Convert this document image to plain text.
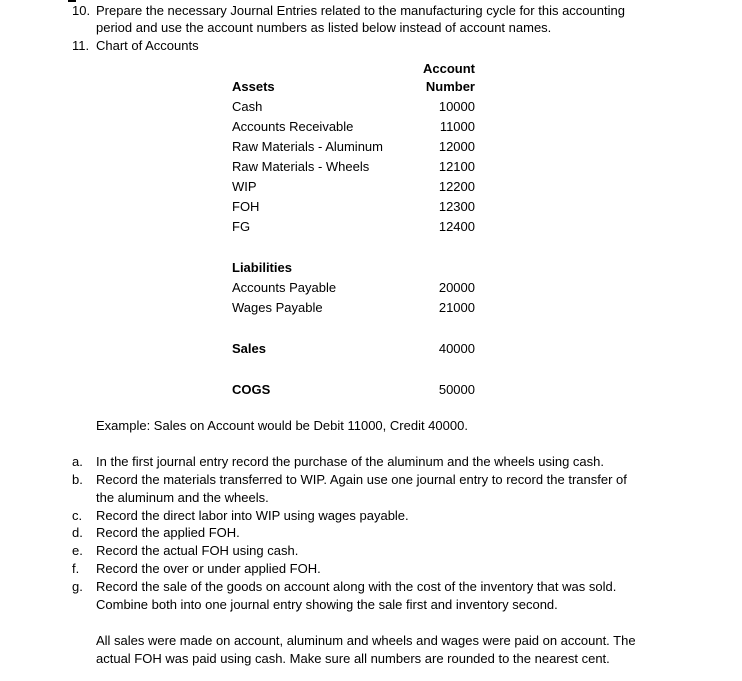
10. Prepare the necessary Journal Entries related to the manufacturing cycle for this accounting
period and use the account numbers as listed below instead of account names.
11. Chart of Accounts
Account
Number
Assets
Cash	10000
Accounts Receivable	11000
Raw Materials - Aluminum	12000
Raw Materials - Wheels	12100
WIP	12200
FOH	12300
FG	12400
Liabilities
Accounts Payable	20000
Wages Payable	21000
Sales	40000
COGS	50000
Example: Sales on Account would be Debit 11000, Credit 40000.
a. In the first journal entry record the purchase of the aluminum and the wheels using cash.
b. Record the materials transferred to WIP. Again use one journal entry to record the transfer of
the aluminum and the wheels.
c. Record the direct labor into WIP using wages payable.
d. Record the applied FOH.
e. Record the actual FOH using cash.
f. Record the over or under applied FOH.
g. Record the sale of the goods on account along with the cost of the inventory that was sold.
Combine both into one journal entry showing the sale first and inventory second.
All sales were made on account, aluminum and wheels and wages were paid on account. The
actual FOH was paid using cash. Make sure all numbers are rounded to the nearest cent.
